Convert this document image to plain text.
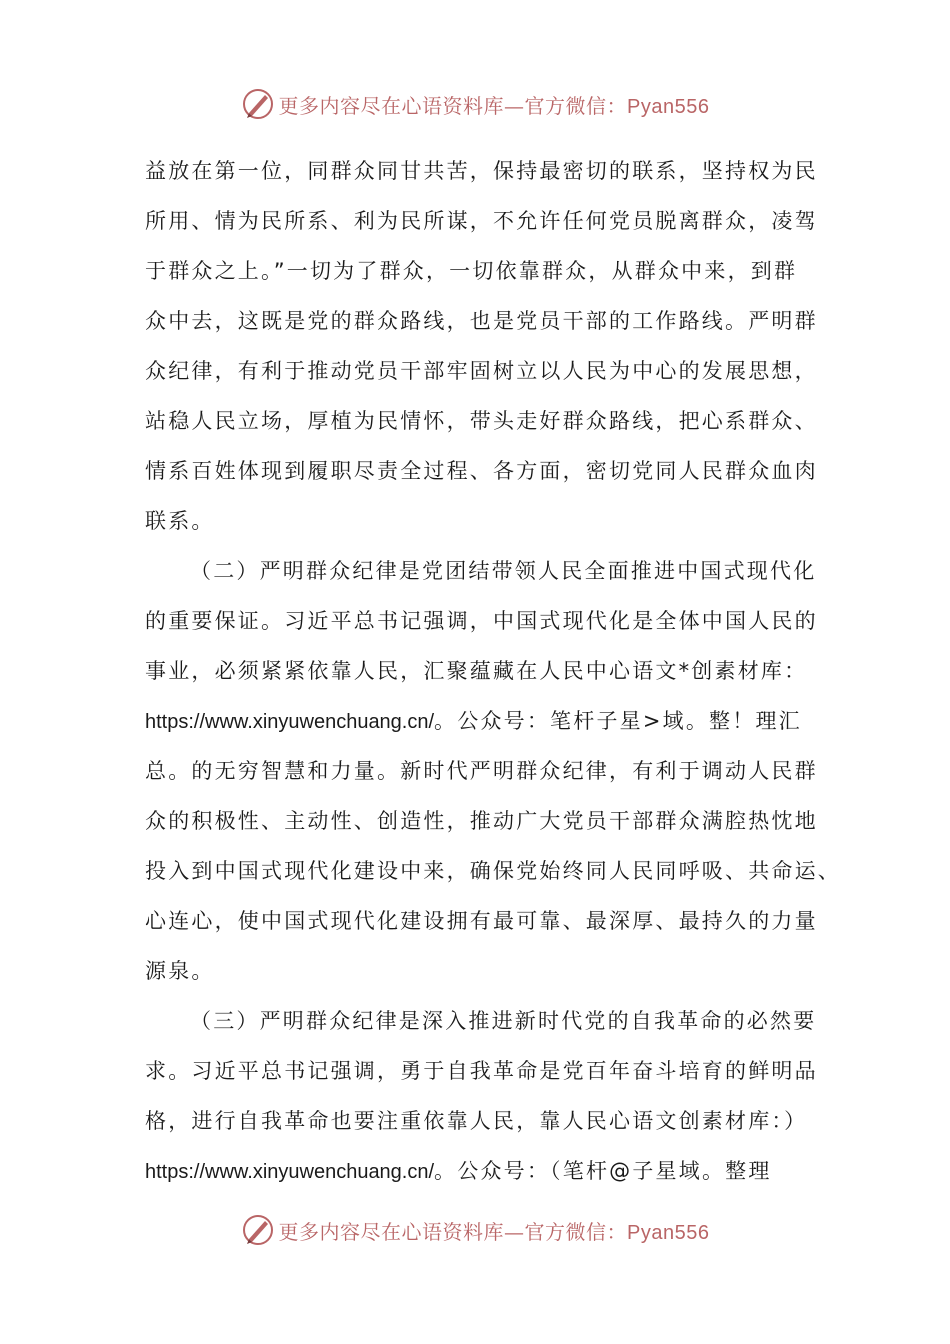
更多内容尽在心语资料库—官方微信：Pyan556
益放在第一位，同群众同甘共苦，保持最密切的联系，坚持权为民
所用、情为民所系、利为民所谋，不允许任何党员脱离群众，凌驾
于群众之上。”一切为了群众，一切依靠群众，从群众中来，到群
众中去，这既是党的群众路线，也是党员干部的工作路线。严明群
众纪律，有利于推动党员干部牢固树立以人民为中心的发展思想，
站稳人民立场，厚植为民情怀，带头走好群众路线，把心系群众、
情系百姓体现到履职尽责全过程、各方面，密切党同人民群众血肉
联系。
（二）严明群众纪律是党团结带领人民全面推进中国式现代化
的重要保证。习近平总书记强调，中国式现代化是全体中国人民的
事业，必须紧紧依靠人民，汇聚蕴藏在人民中心语文*创素材库：
https://www.xinyuwenchuang.cn/。公众号：笔杆子星>域。整！理汇
总。的无穷智慧和力量。新时代严明群众纪律，有利于调动人民群
众的积极性、主动性、创造性，推动广大党员干部群众满腔热忱地
投入到中国式现代化建设中来，确保党始终同人民同呼吸、共命运、
心连心，使中国式现代化建设拥有最可靠、最深厚、最持久的力量
源泉。
（三）严明群众纪律是深入推进新时代党的自我革命的必然要
求。习近平总书记强调，勇于自我革命是党百年奋斗培育的鲜明品
格，进行自我革命也要注重依靠人民，靠人民心语文创素材库：）
https://www.xinyuwenchuang.cn/。公众号：（笔杆@子星域。整理
更多内容尽在心语资料库—官方微信：Pyan556
